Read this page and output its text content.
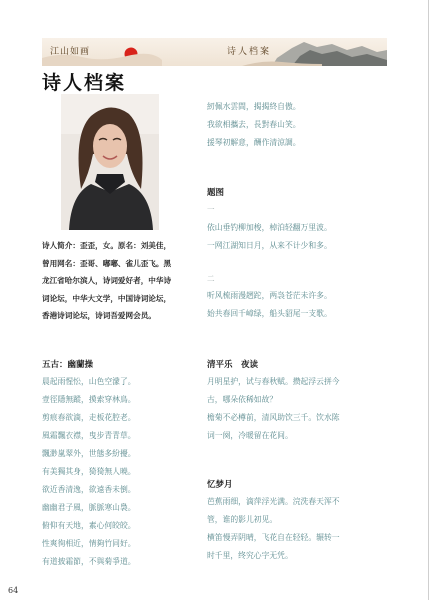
江山如画	诗人档案
诗人档案
诗人简介：歪歪，女。原名：刘美佳，
曾用网名：歪哥、嘟嘟、雀儿歪飞。黑
龙江省哈尔滨人，诗词爱好者，中华诗
词论坛，中华大文学，中国诗词论坛，
香港诗词论坛，诗词吾爱网会员。
紉佩水雲間，揭揭終自傲。
我欲相攜去，長對春山笑。
援琴初解意，酬作清涼調。
题图
一
依山垂钓柳加梭，棹泊轻翻万里波。
一网江湖知日月，从来不计少和多。
二
听风梳雨漫趔跎，两袅苍茫未许多。
始共春回千嶂绿，船头貂尾一支歌。
五古：幽蘭操
晨起雨惺忪，山色空濛了。
壹徑隱無蹤，摸索穿林鳥。
剪痕春欲滴，走板花腔老。
風霜飄衣襟，曳步青青草。
飄渺嵐翠外，世態多紛擾。
有美獨其身，猗猗無人曉。
欲近香清逸，欲遠香未倒。
幽幽君子風，脈脈寒山裊。
俯仰有天地，素心何皎皎。
性爽徇相近，情夠竹同好。
有道披霜節，不與菊爭道。
清平乐　夜读
月明星护，试与春秋赋。攒起浮云拼今
古，哪朵依稀如故？
檐菊不必樽前，清风助饮三千。饮水陈
词一阕，冷暖留在花间。
忆梦月
芭蕉雨细，滴萍浮光满。浣洗春天浑不
管，谁的影儿初见。
横笛慢弄阴晴，飞花自在轻轻。辗转一
时千里，终究心字无凭。
64
